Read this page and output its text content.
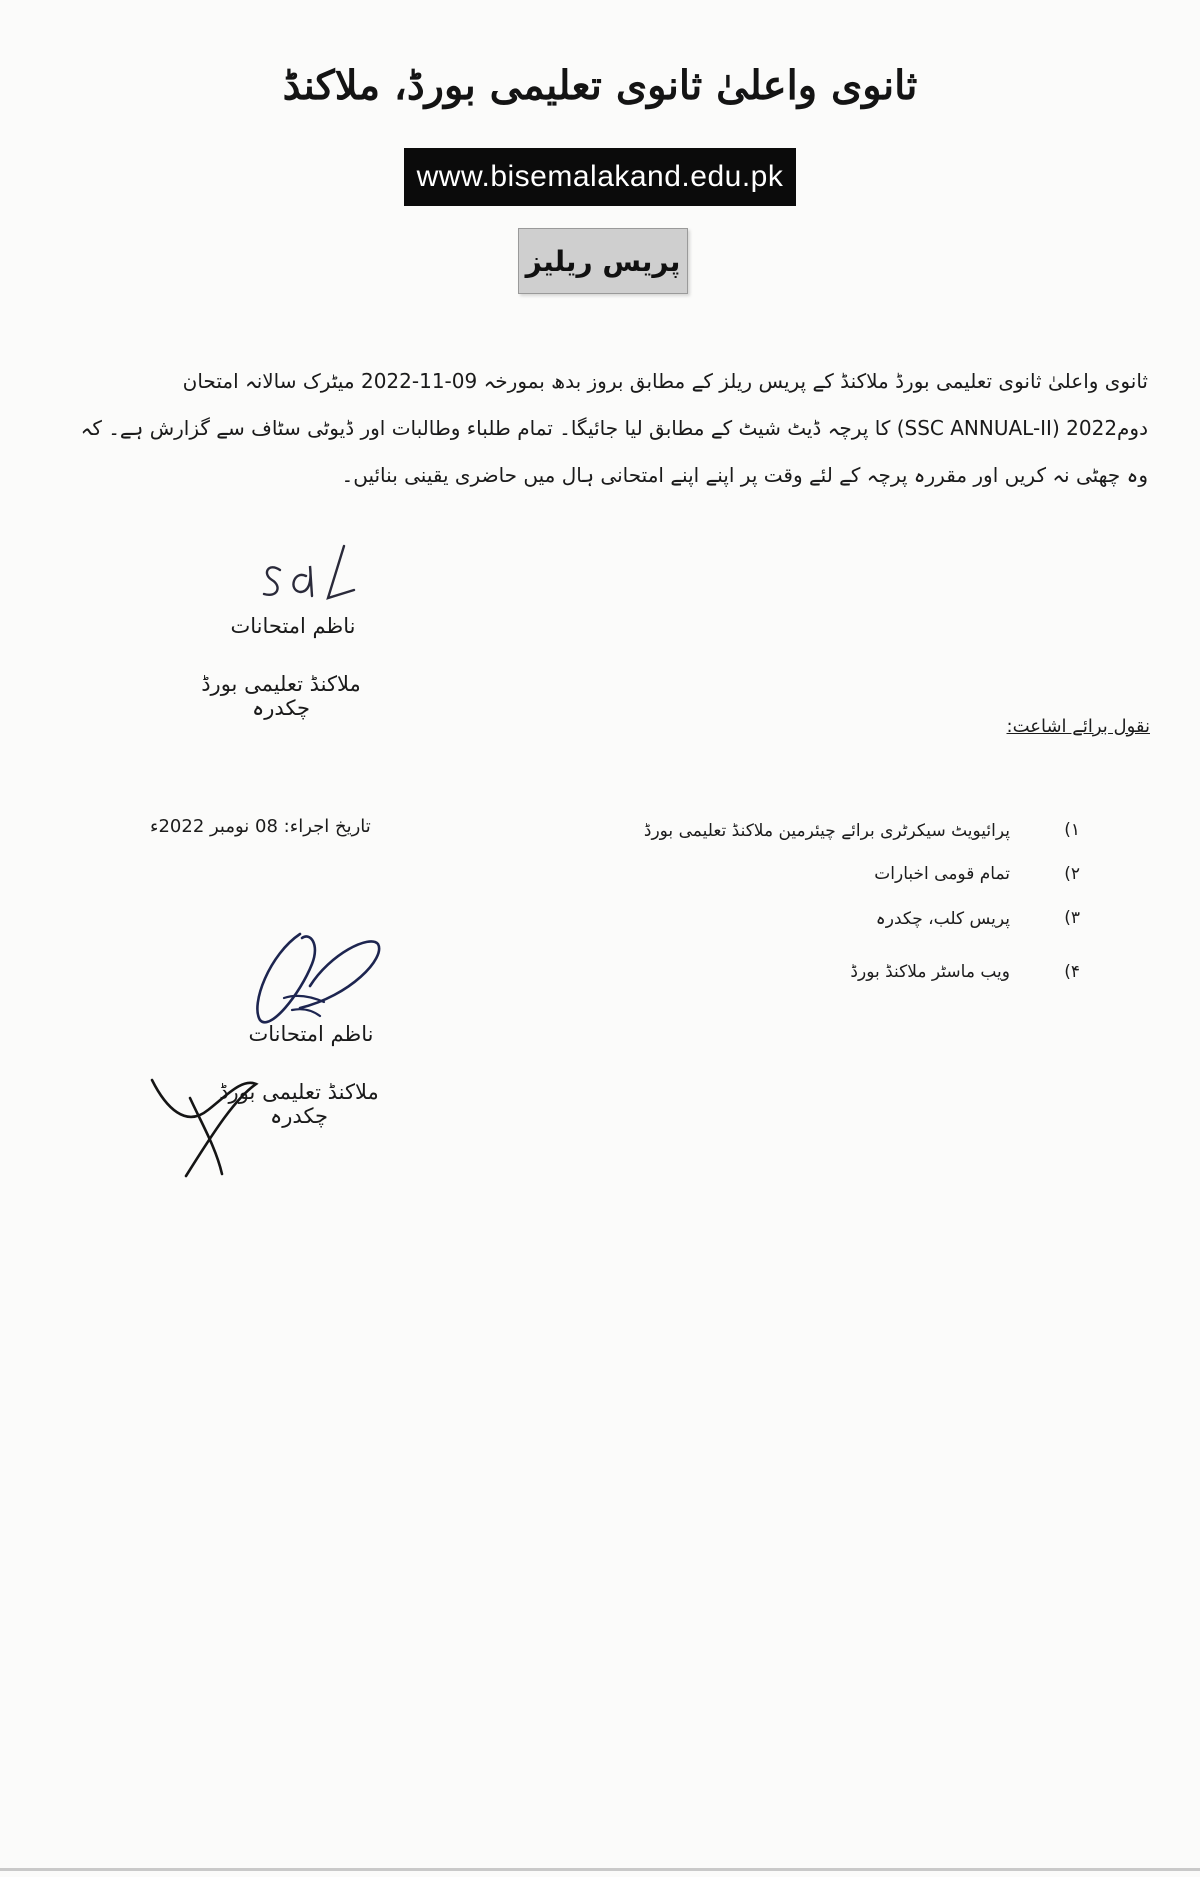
ثانوی واعلیٰ ثانوی تعلیمی بورڈ، ملاکنڈ
www.bisemalakand.edu.pk
پریس ریلیز
ثانوی واعلیٰ ثانوی تعلیمی بورڈ ملاکنڈ کے پریس ریلز کے مطابق بروز بدھ بمورخہ 09-11-2022 میٹرک سالانہ امتحان
دوم2022 (SSC ANNUAL-II) کا پرچہ ڈیٹ شیٹ کے مطابق لیا جائیگا۔ تمام طلباء وطالبات اور ڈیوٹی سٹاف سے گزارش ہے۔ کہ
وہ چھٹی نہ کریں اور مقررہ پرچہ کے لئے وقت پر اپنے اپنے امتحانی ہال میں حاضری یقینی بنائیں۔
ناظم امتحانات
ملاکنڈ تعلیمی بورڈ چکدرہ
نقول برائے اشاعت:
۱)
پرائیویٹ سیکرٹری برائے چیئرمین ملاکنڈ تعلیمی بورڈ
۲)
تمام قومی اخبارات
۳)
پریس کلب، چکدرہ
۴)
ویب ماسٹر ملاکنڈ بورڈ
تاریخ اجراء: 08 نومبر 2022ء
ناظم امتحانات
ملاکنڈ تعلیمی بورڈ چکدرہ
